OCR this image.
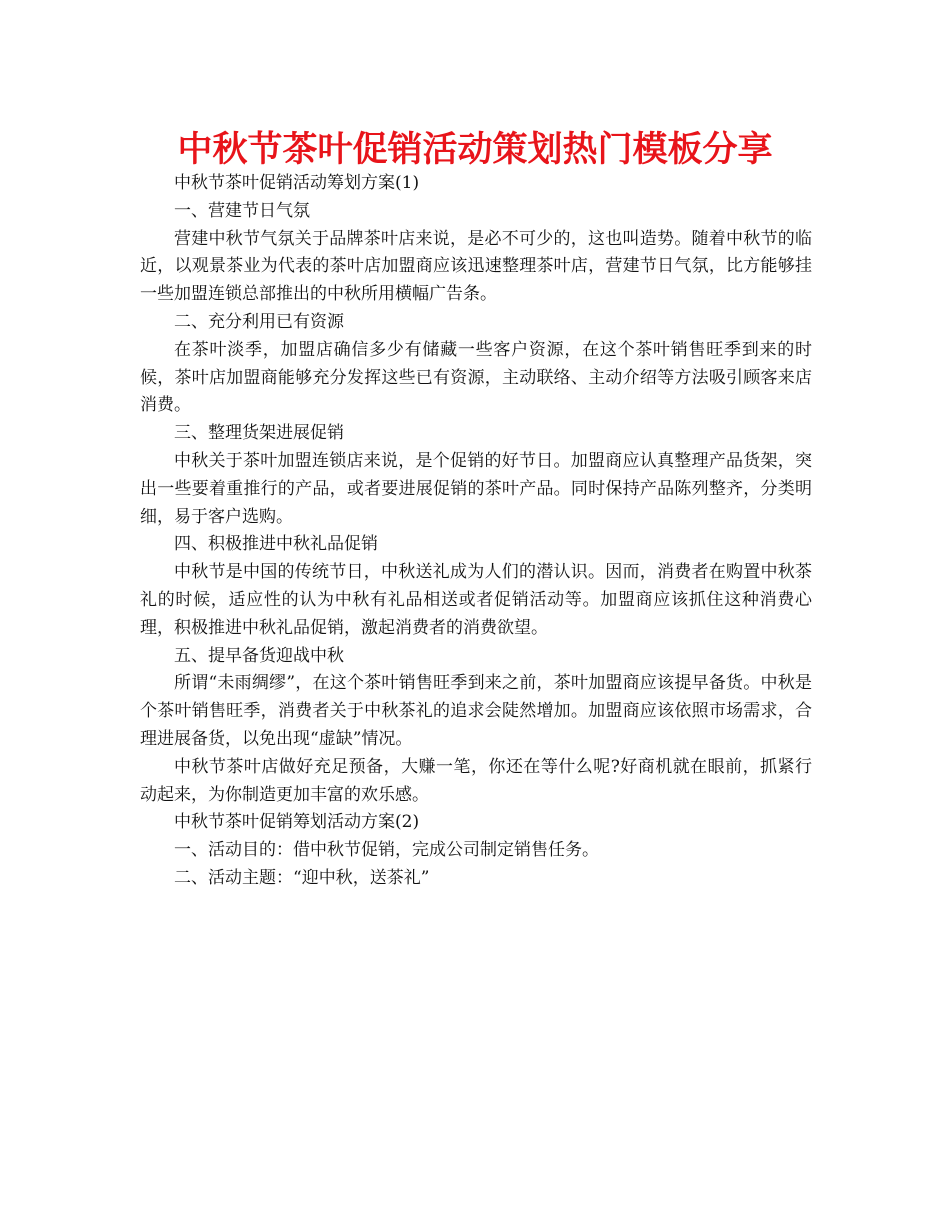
中秋节茶叶促销活动策划热门模板分享

中秋节茶叶促销活动筹划方案(1)

一、营建节日气氛

营建中秋节气氛关于品牌茶叶店来说，是必不可少的，这也叫造势。随着中秋节的临近，以观景茶业为代表的茶叶店加盟商应该迅速整理茶叶店，营建节日气氛，比方能够挂一些加盟连锁总部推出的中秋所用横幅广告条。

二、充分利用已有资源

在茶叶淡季，加盟店确信多少有储藏一些客户资源，在这个茶叶销售旺季到来的时候，茶叶店加盟商能够充分发挥这些已有资源，主动联络、主动介绍等方法吸引顾客来店消费。

三、整理货架进展促销

中秋关于茶叶加盟连锁店来说，是个促销的好节日。加盟商应认真整理产品货架，突出一些要着重推行的产品，或者要进展促销的茶叶产品。同时保持产品陈列整齐，分类明细，易于客户选购。

四、积极推进中秋礼品促销

中秋节是中国的传统节日，中秋送礼成为人们的潜认识。因而，消费者在购置中秋茶礼的时候，适应性的认为中秋有礼品相送或者促销活动等。加盟商应该抓住这种消费心理，积极推进中秋礼品促销，激起消费者的消费欲望。

五、提早备货迎战中秋

所谓“未雨绸缪”，在这个茶叶销售旺季到来之前，茶叶加盟商应该提早备货。中秋是个茶叶销售旺季，消费者关于中秋茶礼的追求会陡然增加。加盟商应该依照市场需求，合理进展备货，以免出现“虚缺”情况。

中秋节茶叶店做好充足预备，大赚一笔，你还在等什么呢?好商机就在眼前，抓紧行动起来，为你制造更加丰富的欢乐感。

中秋节茶叶促销筹划活动方案(2)

一、活动目的：借中秋节促销，完成公司制定销售任务。

二、活动主题：“迎中秋，送茶礼”
